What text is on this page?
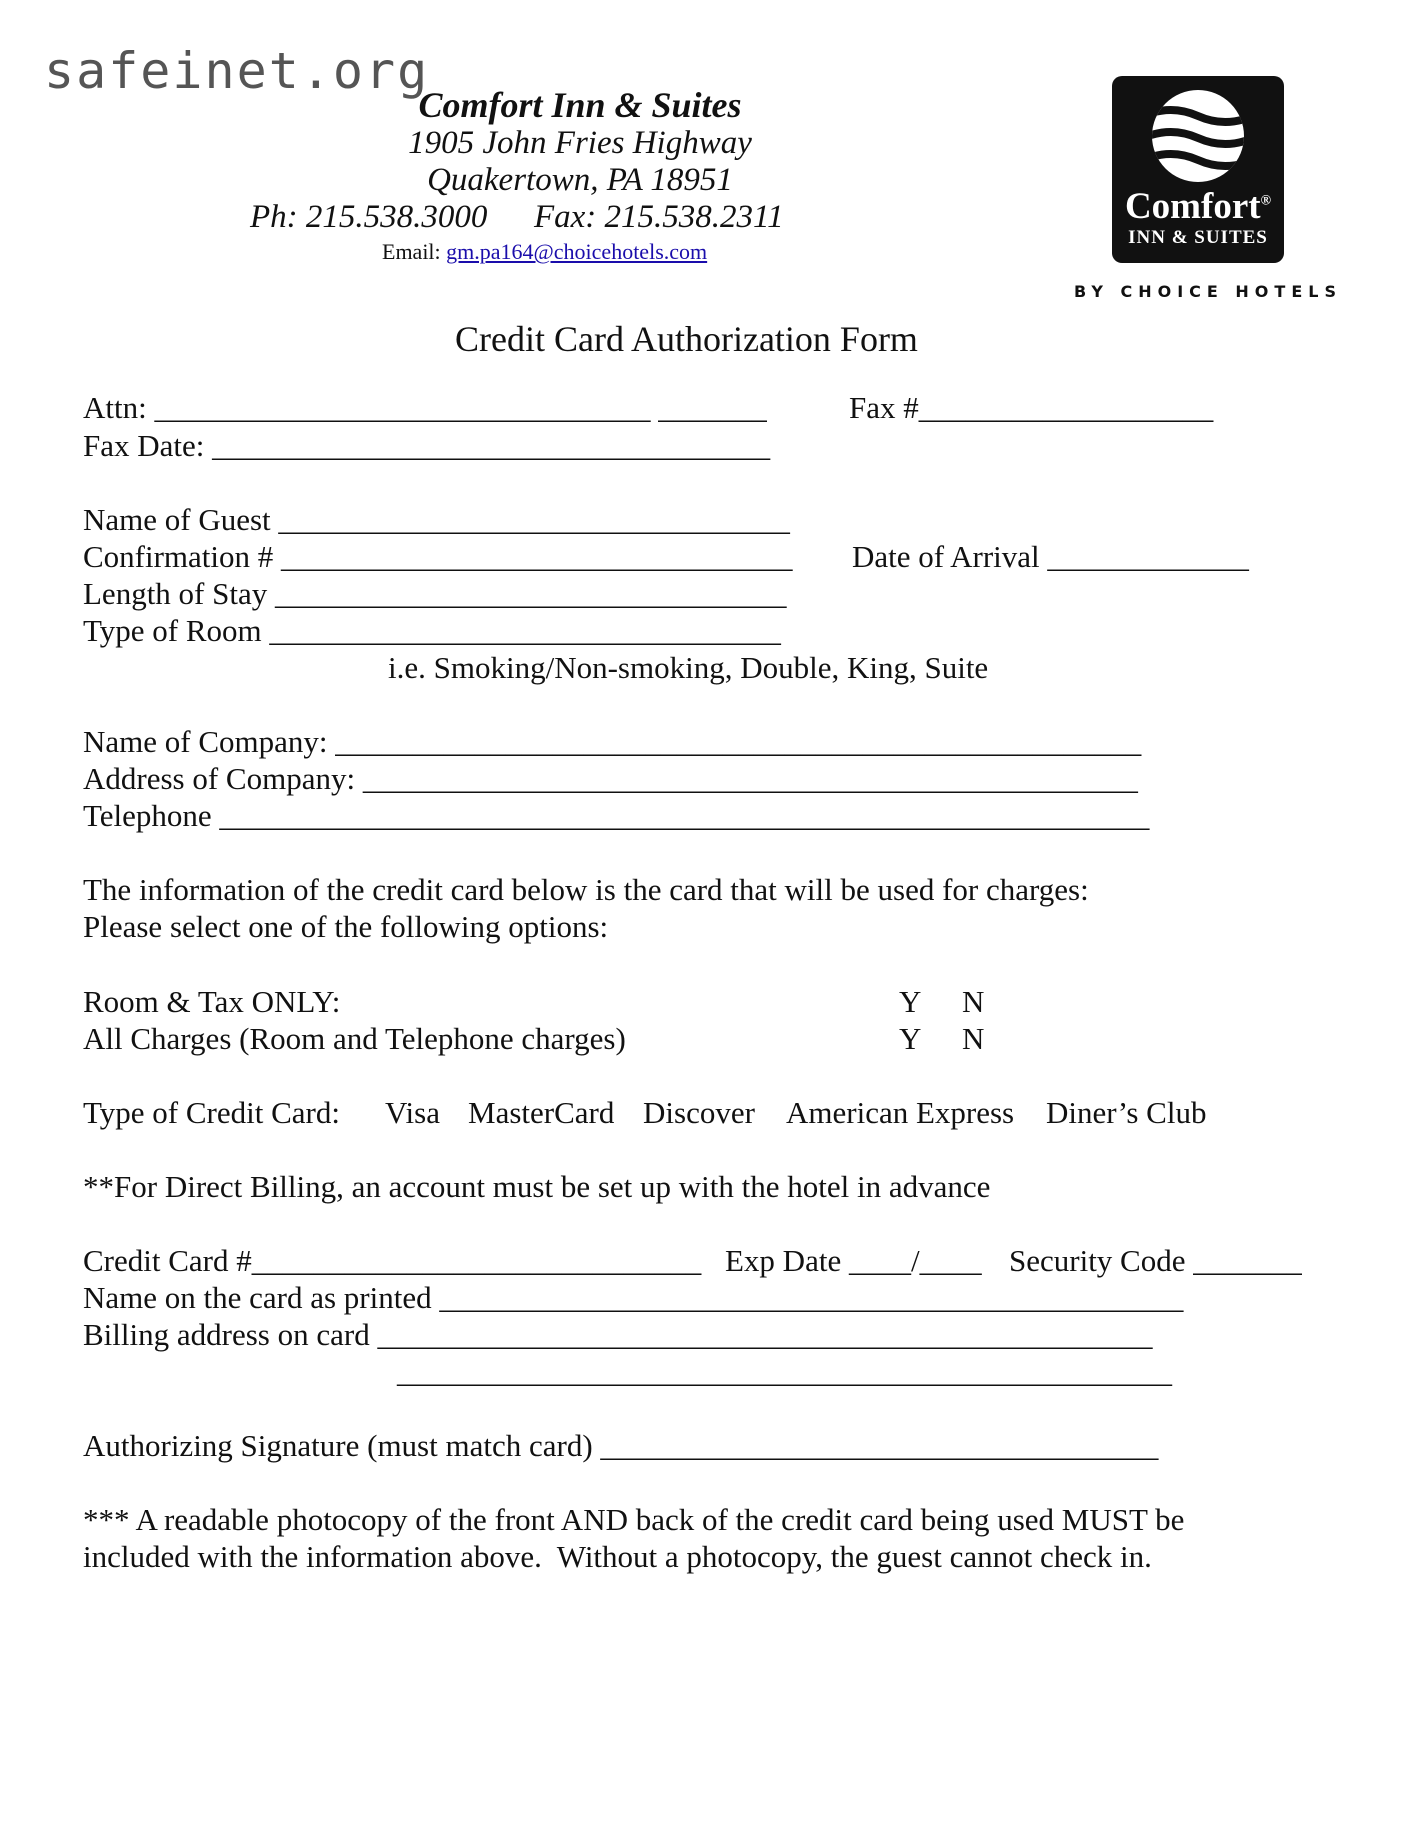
safeinet.org
Comfort Inn & Suites
1905 John Fries Highway
Quakertown, PA 18951
Ph: 215.538.3000 Fax: 215.538.2311
Email: gm.pa164@choicehotels.com
Comfort®
INN & SUITES
BY CHOICE HOTELS
Credit Card Authorization Form
Attn: ________________________________ _______	Fax #___________________
Fax Date: ____________________________________
Name of Guest _________________________________
Confirmation # _________________________________ Date of Arrival _____________
Length of Stay _________________________________
Type of Room _________________________________
i.e. Smoking/Non-smoking, Double, King, Suite
Name of Company: ____________________________________________________
Address of Company: __________________________________________________
Telephone ____________________________________________________________
The information of the credit card below is the card that will be used for charges:
Please select one of the following options:
Room & Tax ONLY:	Y N
All Charges (Room and Telephone charges)	Y N
Type of Credit Card: Visa MasterCard Discover American Express Diner’s Club
**For Direct Billing, an account must be set up with the hotel in advance
Credit Card #_____________________________ Exp Date ____/____ Security Code _______
Name on the card as printed ________________________________________________
Billing address on card __________________________________________________
__________________________________________________
Authorizing Signature (must match card) ____________________________________
*** A readable photocopy of the front AND back of the credit card being used MUST be
included with the information above.  Without a photocopy, the guest cannot check in.
